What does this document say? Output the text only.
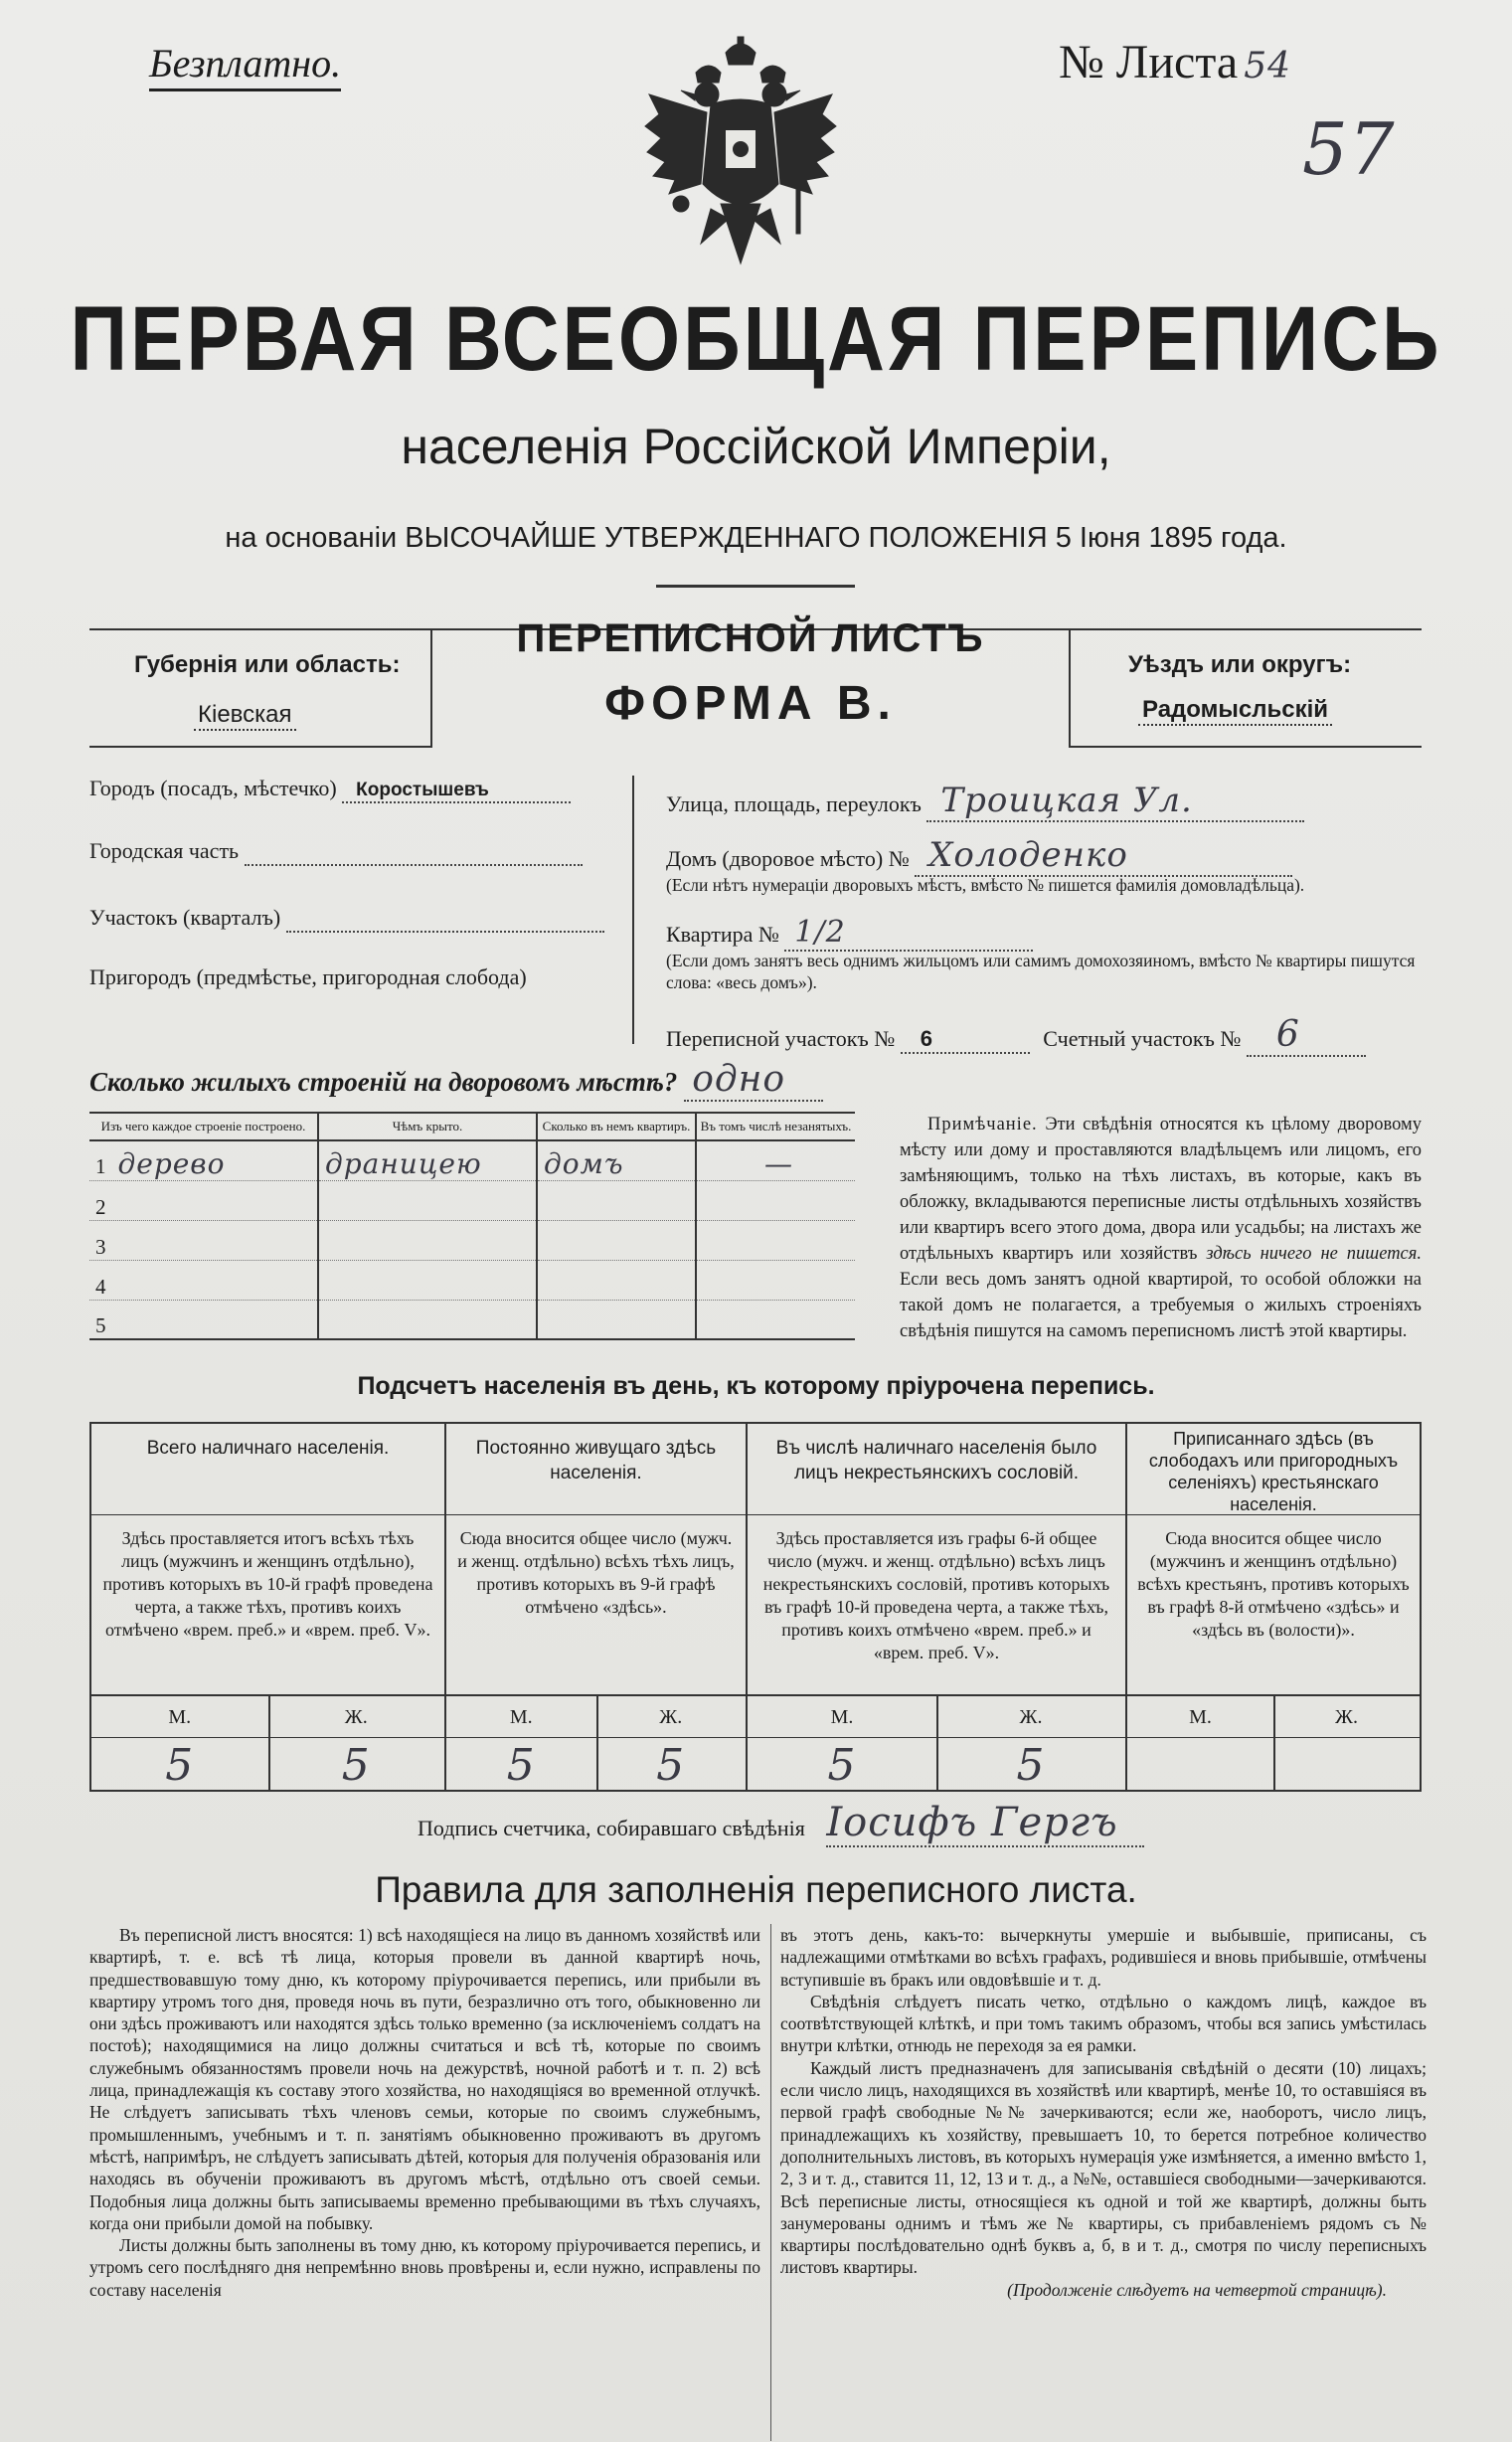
Безплатно.	№ Листа 54
57

ПЕРВАЯ ВСЕОБЩАЯ ПЕРЕПИСЬ
населенія Россійской Имперіи,
на основаніи ВЫСОЧАЙШЕ УТВЕРЖДЕННАГО ПОЛОЖЕНІЯ 5 Іюня 1895 года.
Губернія или область:
Кіевская
Уѣздъ или округъ:
Радомысльскій
ПЕРЕПИСНОЙ ЛИСТЪ
ФОРМА В.
Городъ (посадъ, мѣстечко) Коростышевъ
Городская часть
Участокъ (кварталъ)
Пригородъ (предмѣстье, пригородная слобода)
Улица, площадь, переулокъ Троицкая Ул.
Домъ (дворовое мѣсто) № Холоденко
(Если нѣтъ нумераціи дворовыхъ мѣстъ, вмѣсто № пишется фамилія домовладѣльца).
Квартира № 1/2
(Если домъ занятъ весь однимъ жильцомъ или самимъ домохозяиномъ, вмѣсто № квартиры пишутся слова: «весь домъ»).
Переписной участокъ № 6	Счетный участокъ № 6
Сколько жилыхъ строеній на дворовомъ мѣстѣ? одно
Изъ чего каждое строеніе построено.	Чѣмъ крыто.	Сколько въ немъ квартиръ.	Въ томъ числѣ незанятыхъ.
1 дерево	драницею	домъ	—
2			
3			
4			
5			
Примѣчаніе. Эти свѣдѣнія относятся къ цѣлому дворовому мѣсту или дому и проставляются владѣльцемъ или лицомъ, его замѣняющимъ, только на тѣхъ листахъ, въ которые, какъ въ обложку, вкладываются переписные листы отдѣльныхъ хозяйствъ или квартиръ всего этого дома, двора или усадьбы; на листахъ же отдѣльныхъ квартиръ или хозяйствъ здѣсь ничего не пишется. Если весь домъ занятъ одной квартирой, то особой обложки на такой домъ не полагается, а требуемыя о жилыхъ строеніяхъ свѣдѣнія пишутся на самомъ переписномъ листѣ этой квартиры.
Подсчетъ населенія въ день, къ которому пріурочена перепись.
Всего наличнаго населенія.
Здѣсь проставляется итогъ всѣхъ тѣхъ лицъ (мужчинъ и женщинъ отдѣльно), противъ которыхъ въ 10-й графѣ проведена черта, а также тѣхъ, противъ коихъ отмѣчено «врем. преб.» и «врем. преб. V».
М.	Ж.
5	5
Постоянно живущаго здѣсь населенія.
Сюда вносится общее число (мужч. и женщ. отдѣльно) всѣхъ тѣхъ лицъ, противъ которыхъ въ 9-й графѣ отмѣчено «здѣсь».
М.	Ж.
5	5
Въ числѣ наличнаго населенія было лицъ некрестьянскихъ сословій.
Здѣсь проставляется изъ графы 6-й общее число (мужч. и женщ. отдѣльно) всѣхъ лицъ некрестьянскихъ сословій, противъ которыхъ въ графѣ 10-й проведена черта, а также тѣхъ, противъ коихъ отмѣчено «врем. преб.» и «врем. преб. V».
М.	Ж.
5	5
Приписаннаго здѣсь (въ слободахъ или пригородныхъ селеніяхъ) крестьянскаго населенія.
Сюда вносится общее число (мужчинъ и женщинъ отдѣльно) всѣхъ крестьянъ, противъ которыхъ въ графѣ 8-й отмѣчено «здѣсь» и «здѣсь въ (волости)».
М.	Ж.
Подпись счетчика, собиравшаго свѣдѣнія Іосифъ Гергъ
Правила для заполненія переписного листа.

Въ переписной листъ вносятся: 1) всѣ находящіеся на лицо въ данномъ хозяйствѣ или квартирѣ, т. е. всѣ тѣ лица, которыя провели въ данной квартирѣ ночь, предшествовавшую тому дню, къ которому пріурочивается перепись, или прибыли въ квартиру утромъ того дня, проведя ночь въ пути, безразлично отъ того, обыкновенно ли они здѣсь проживаютъ или находятся здѣсь только временно (за исключеніемъ солдатъ на постоѣ); находящимися на лицо должны считаться и всѣ тѣ, которые по своимъ служебнымъ обязанностямъ провели ночь на дежурствѣ, ночной работѣ и т. п. 2) всѣ лица, принадлежащія къ составу этого хозяйства, но находящіяся во временной отлучкѣ. Не слѣдуетъ записывать тѣхъ членовъ семьи, которые по своимъ служебнымъ, промышленнымъ, учебнымъ и т. п. занятіямъ обыкновенно проживаютъ въ другомъ мѣстѣ, напримѣръ, не слѣдуетъ записывать дѣтей, которыя для полученія образованія или находясь въ обученіи проживаютъ въ другомъ мѣстѣ, отдѣльно отъ своей семьи. Подобныя лица должны быть записываемы временно пребывающими въ тѣхъ случаяхъ, когда они прибыли домой на побывку.

Листы должны быть заполнены въ тому дню, къ которому пріурочивается перепись, и утромъ сего послѣдняго дня непремѣнно вновь провѣрены и, если нужно, исправлены по составу населенія

въ этотъ день, какъ-то: вычеркнуты умершіе и выбывшіе, приписаны, съ надлежащими отмѣтками во всѣхъ графахъ, родившіеся и вновь прибывшіе, отмѣчены вступившіе въ бракъ или овдовѣвшіе и т. д.

Свѣдѣнія слѣдуетъ писать четко, отдѣльно о каждомъ лицѣ, каждое въ соотвѣтствующей клѣткѣ, и при томъ такимъ образомъ, чтобы вся запись умѣстилась внутри клѣтки, отнюдь не переходя за ея рамки.

Каждый листъ предназначенъ для записыванія свѣдѣній о десяти (10) лицахъ; если число лицъ, находящихся въ хозяйствѣ или квартирѣ, менѣе 10, то оставшіяся въ первой графѣ свободные №№ зачеркиваются; если же, наоборотъ, число лицъ, принадлежащихъ къ хозяйству, превышаетъ 10, то берется потребное количество дополнительныхъ листовъ, въ которыхъ нумерація уже измѣняется, а именно вмѣсто 1, 2, 3 и т. д., ставится 11, 12, 13 и т. д., а №№, оставшіеся свободными—зачеркиваются. Всѣ переписные листы, относящіеся къ одной и той же квартирѣ, должны быть занумерованы однимъ и тѣмъ же № квартиры, съ прибавленіемъ рядомъ съ № квартиры послѣдовательно однѣ буквъ а, б, в и т. д., смотря по числу переписныхъ листовъ квартиры.

(Продолженіе слѣдуетъ на четвертой страницѣ).
